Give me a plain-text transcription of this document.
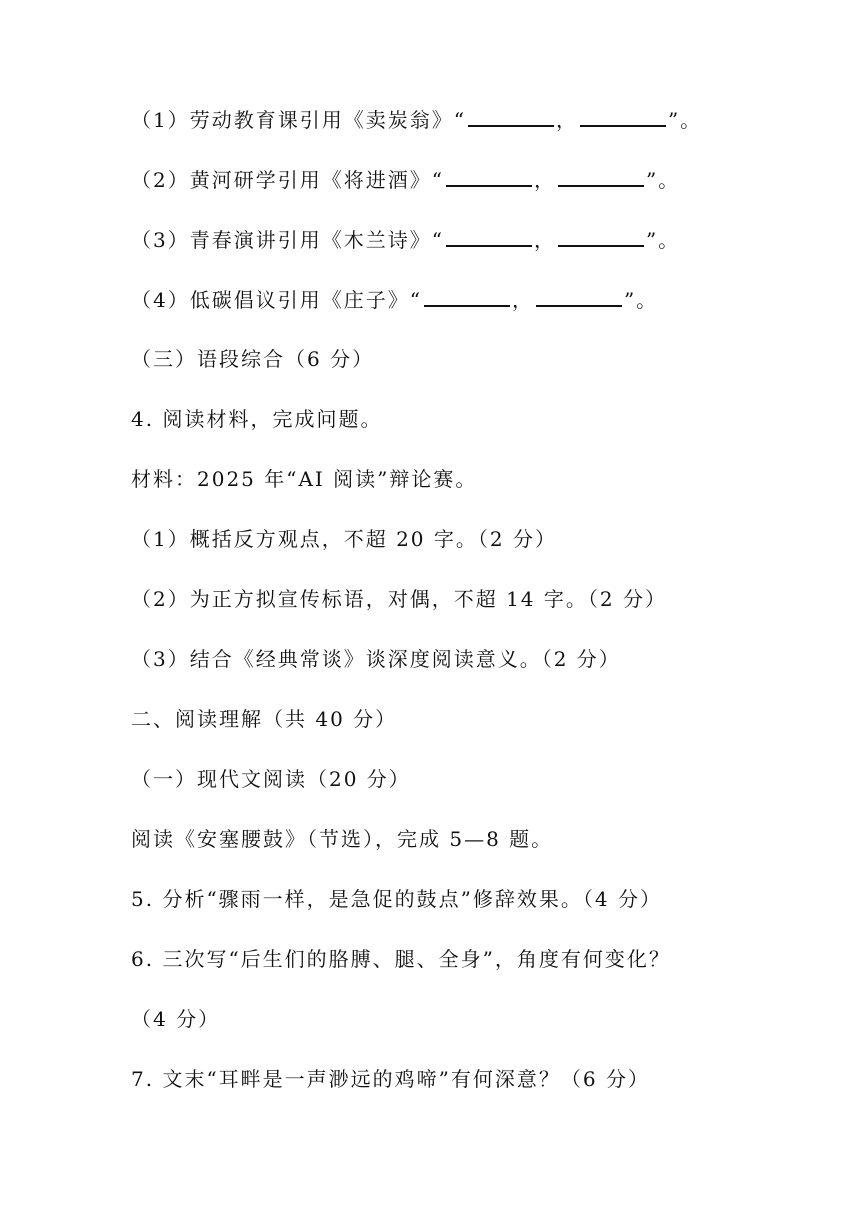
（1）劳动教育课引用《卖炭翁》“	，	”。
（2）黄河研学引用《将进酒》“	，	”。
（3）青春演讲引用《木兰诗》“	，	”。
（4）低碳倡议引用《庄子》“	，	”。
（三）语段综合（6 分）
4. 阅读材料，完成问题。
材料：2025 年“AI 阅读”辩论赛。
（1）概括反方观点，不超 20 字。（2 分）
（2）为正方拟宣传标语，对偶，不超 14 字。（2 分）
（3）结合《经典常谈》谈深度阅读意义。（2 分）
二、阅读理解（共 40 分）
（一）现代文阅读（20 分）
阅读《安塞腰鼓》（节选），完成 5—8 题。
5. 分析“骤雨一样，是急促的鼓点”修辞效果。（4 分）
6. 三次写“后生们的胳膊、腿、全身”，角度有何变化？
（4 分）
7. 文末“耳畔是一声渺远的鸡啼”有何深意？（6 分）
